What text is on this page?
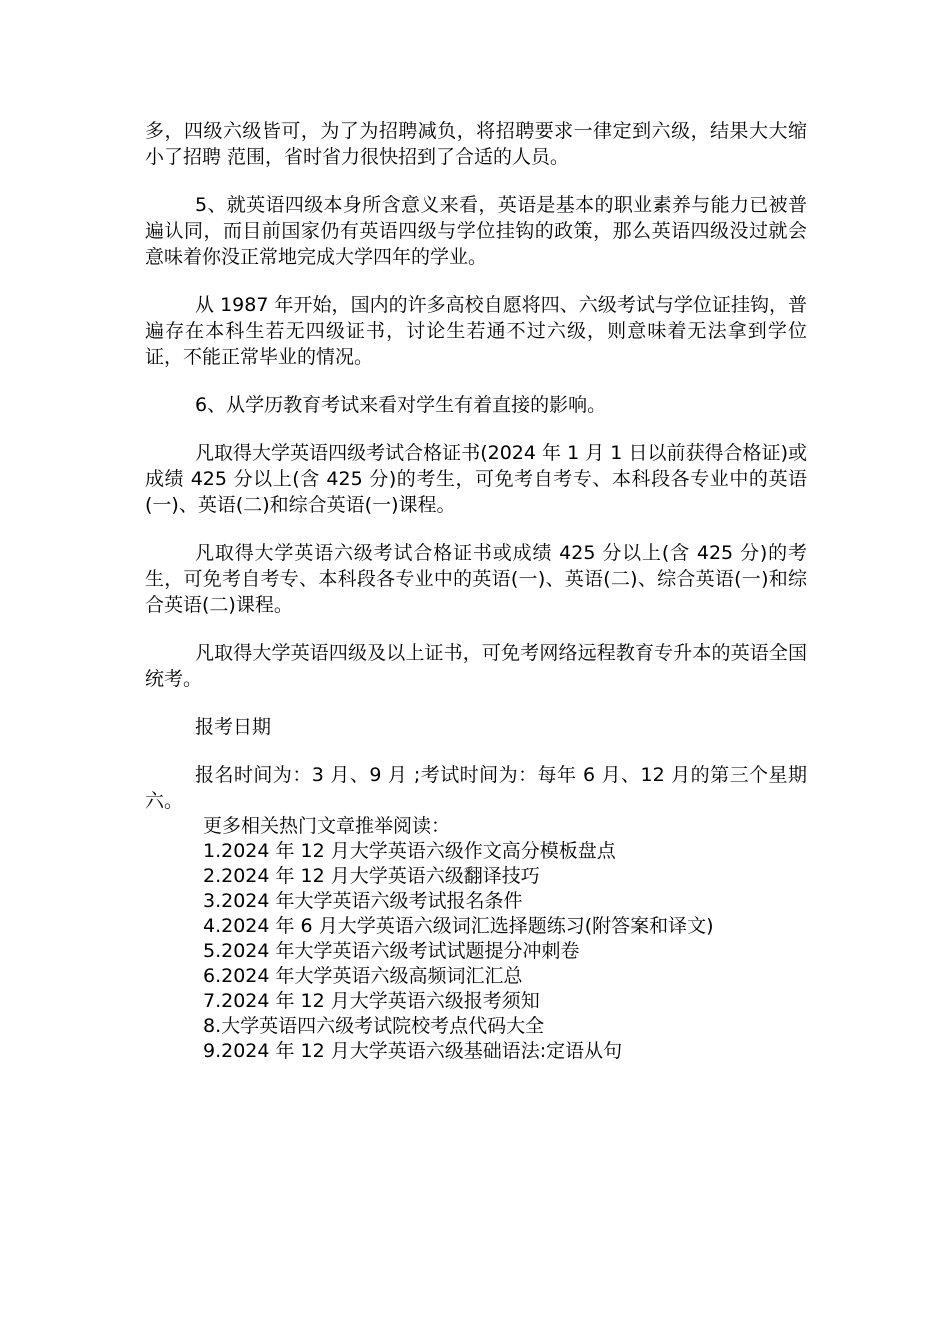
多，四级六级皆可，为了为招聘减负，将招聘要求一律定到六级，结果大大缩小了招聘 范围，省时省力很快招到了合适的人员。

5、就英语四级本身所含意义来看，英语是基本的职业素养与能力已被普遍认同，而目前国家仍有英语四级与学位挂钩的政策，那么英语四级没过就会意味着你没正常地完成大学四年的学业。

从 1987 年开始，国内的许多高校自愿将四、六级考试与学位证挂钩，普遍存在本科生若无四级证书，讨论生若通不过六级，则意味着无法拿到学位证，不能正常毕业的情况。

6、从学历教育考试来看对学生有着直接的影响。

凡取得大学英语四级考试合格证书(2024 年 1 月 1 日以前获得合格证)或成绩 425 分以上(含 425 分)的考生，可免考自考专、本科段各专业中的英语(一)、英语(二)和综合英语(一)课程。

凡取得大学英语六级考试合格证书或成绩 425 分以上(含 425 分)的考生，可免考自考专、本科段各专业中的英语(一)、英语(二)、综合英语(一)和综合英语(二)课程。

凡取得大学英语四级及以上证书，可免考网络远程教育专升本的英语全国统考。

报考日期

报名时间为：3 月、9 月 ;考试时间为：每年 6 月、12 月的第三个星期六。

更多相关热门文章推举阅读：

1.2024 年 12 月大学英语六级作文高分模板盘点
2.2024 年 12 月大学英语六级翻译技巧
3.2024 年大学英语六级考试报名条件
4.2024 年 6 月大学英语六级词汇选择题练习(附答案和译文)
5.2024 年大学英语六级考试试题提分冲刺卷
6.2024 年大学英语六级高频词汇汇总
7.2024 年 12 月大学英语六级报考须知
8.大学英语四六级考试院校考点代码大全
9.2024 年 12 月大学英语六级基础语法:定语从句
